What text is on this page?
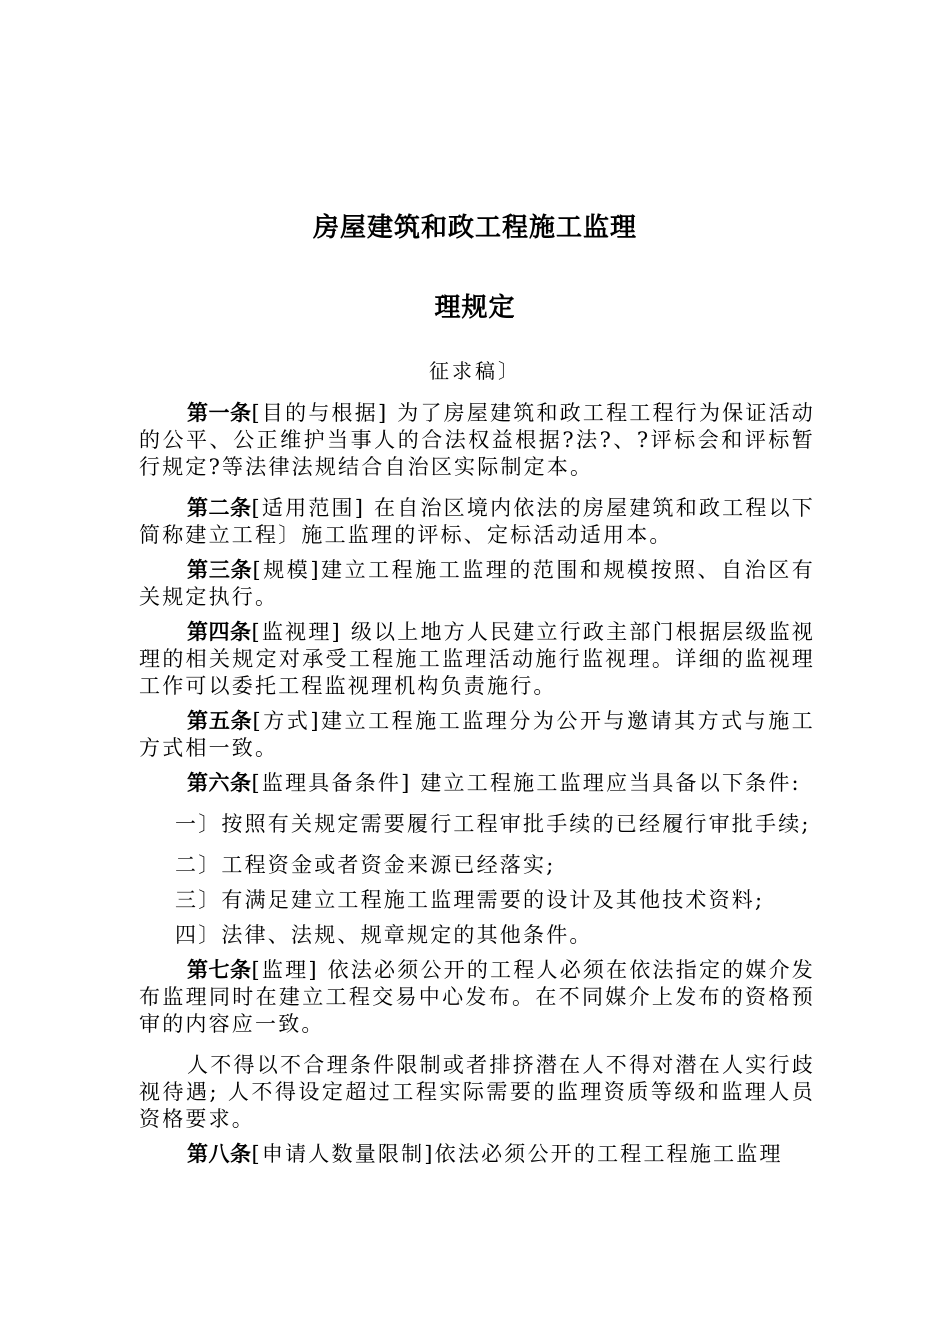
房屋建筑和政工程施工监理
理规定
征求稿〕

第一条[目的与根据] 为了房屋建筑和政工程工程行为保证活动的公平、公正维护当事人的合法权益根据?法?、?评标会和评标暂行规定?等法律法规结合自治区实际制定本。

第二条[适用范围] 在自治区境内依法的房屋建筑和政工程以下简称建立工程〕施工监理的评标、定标活动适用本。

第三条[规模]建立工程施工监理的范围和规模按照、自治区有关规定执行。

第四条[监视理] 级以上地方人民建立行政主部门根据层级监视理的相关规定对承受工程施工监理活动施行监视理。详细的监视理工作可以委托工程监视理机构负责施行。

第五条[方式]建立工程施工监理分为公开与邀请其方式与施工方式相一致。

第六条[监理具备条件] 建立工程施工监理应当具备以下条件:

一〕按照有关规定需要履行工程审批手续的已经履行审批手续;

二〕工程资金或者资金来源已经落实;

三〕有满足建立工程施工监理需要的设计及其他技术资料;

四〕法律、法规、规章规定的其他条件。

第七条[监理] 依法必须公开的工程人必须在依法指定的媒介发布监理同时在建立工程交易中心发布。在不同媒介上发布的资格预审的内容应一致。

人不得以不合理条件限制或者排挤潜在人不得对潜在人实行歧视待遇; 人不得设定超过工程实际需要的监理资质等级和监理人员资格要求。

第八条[申请人数量限制]依法必须公开的工程工程施工监理
